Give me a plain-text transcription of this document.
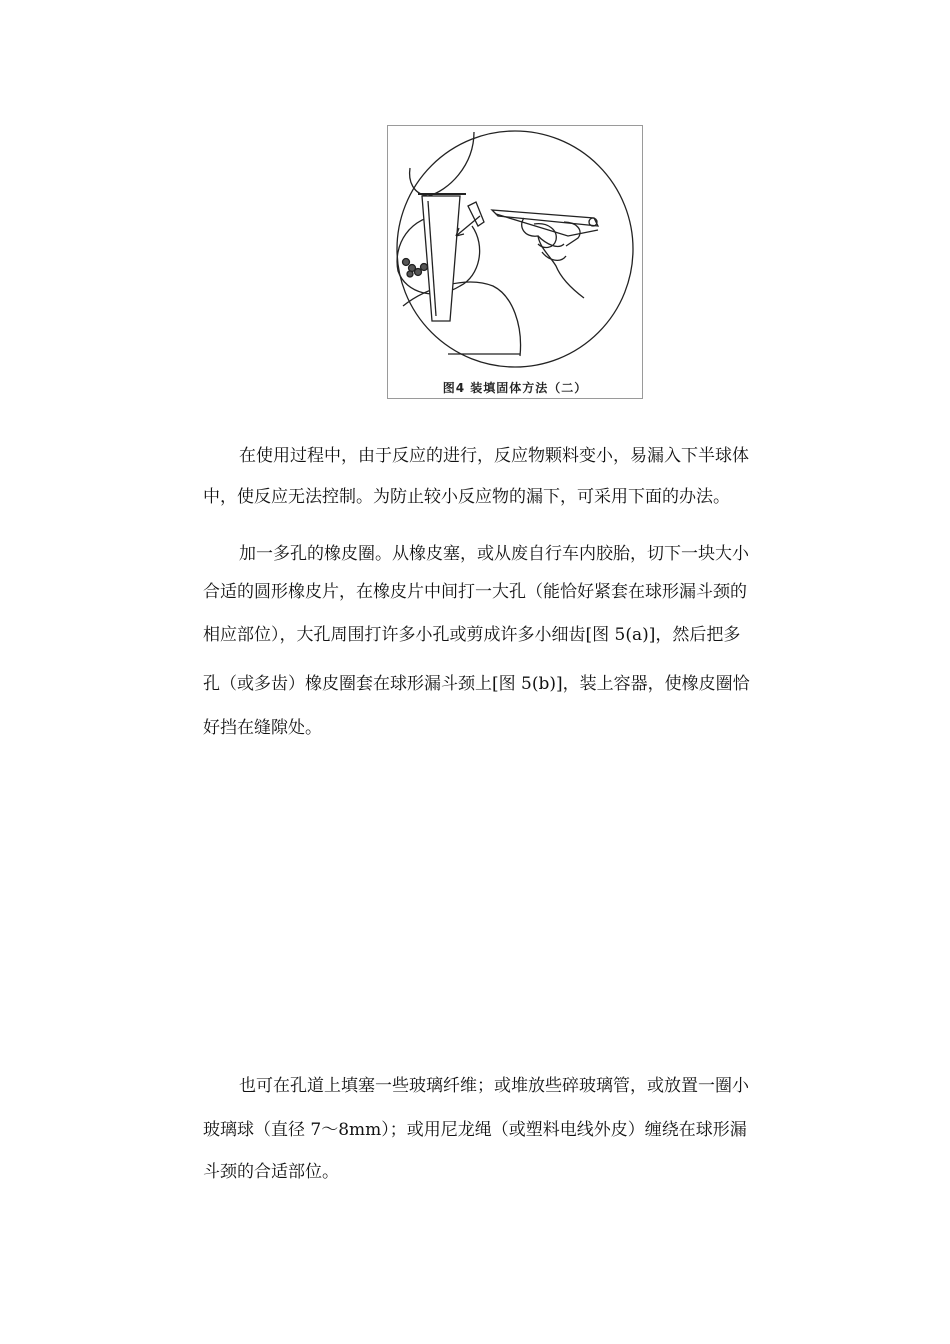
图4 装填固体方法（二）
在使用过程中，由于反应的进行，反应物颗料变小，易漏入下半球体
中，使反应无法控制。为防止较小反应物的漏下，可采用下面的办法。
加一多孔的橡皮圈。从橡皮塞，或从废自行车内胶胎，切下一块大小
合适的圆形橡皮片，在橡皮片中间打一大孔（能恰好紧套在球形漏斗颈的
相应部位），大孔周围打许多小孔或剪成许多小细齿[图 5(a)]，然后把多
孔（或多齿）橡皮圈套在球形漏斗颈上[图 5(b)]，装上容器，使橡皮圈恰
好挡在缝隙处。
也可在孔道上填塞一些玻璃纤维；或堆放些碎玻璃管，或放置一圈小
玻璃球（直径 7～8mm）；或用尼龙绳（或塑料电线外皮）缠绕在球形漏
斗颈的合适部位。
